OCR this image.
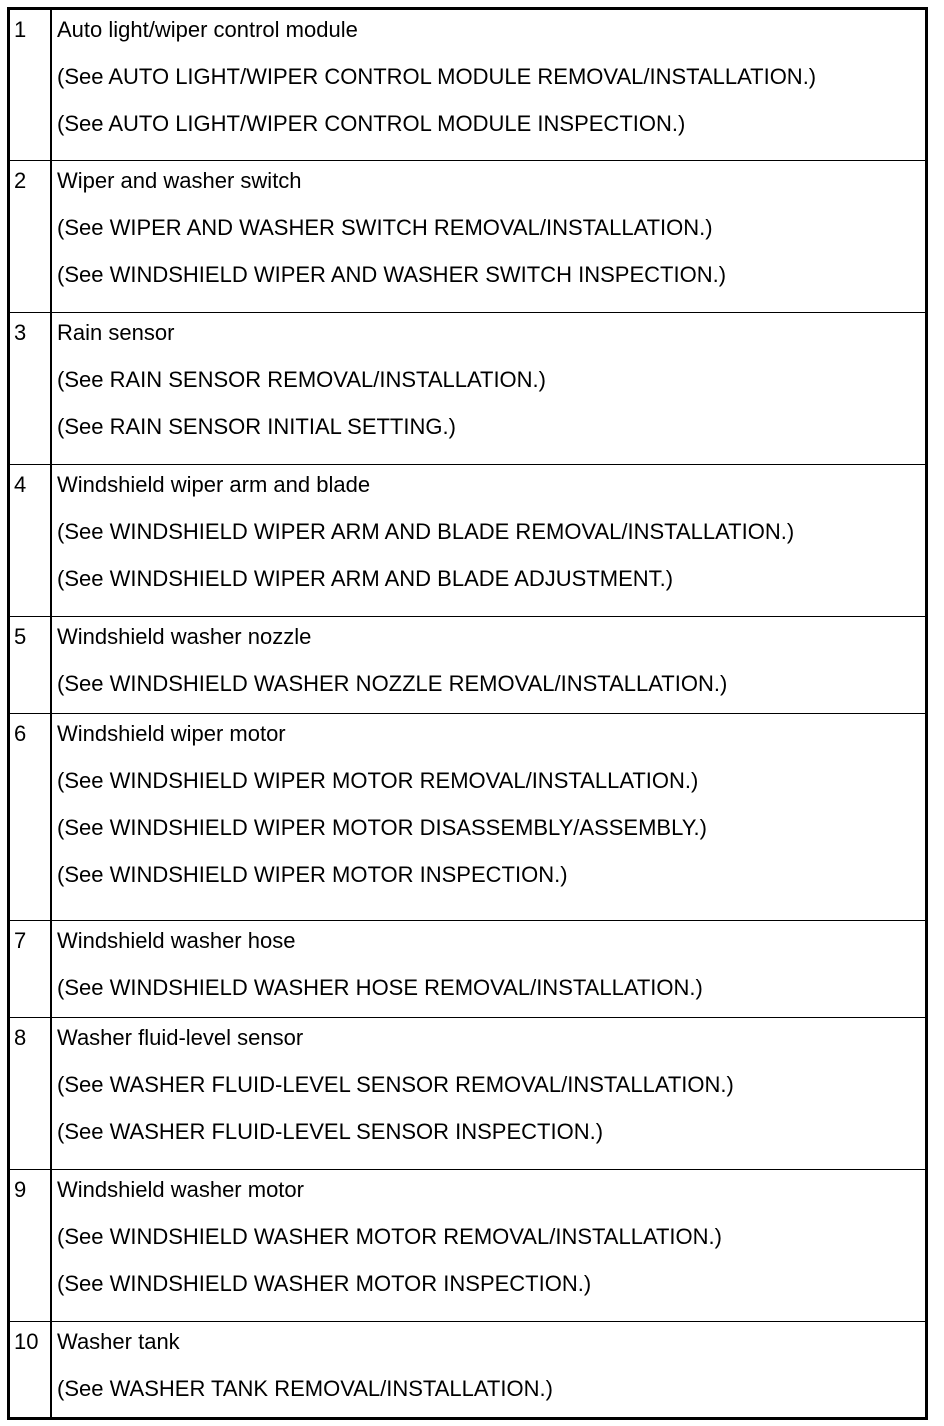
1	Auto light/wiper control module
(See AUTO LIGHT/WIPER CONTROL MODULE REMOVAL/INSTALLATION.)
(See AUTO LIGHT/WIPER CONTROL MODULE INSPECTION.)

2	Wiper and washer switch
(See WIPER AND WASHER SWITCH REMOVAL/INSTALLATION.)
(See WINDSHIELD WIPER AND WASHER SWITCH INSPECTION.)

3	Rain sensor
(See RAIN SENSOR REMOVAL/INSTALLATION.)
(See RAIN SENSOR INITIAL SETTING.)

4	Windshield wiper arm and blade
(See WINDSHIELD WIPER ARM AND BLADE REMOVAL/INSTALLATION.)
(See WINDSHIELD WIPER ARM AND BLADE ADJUSTMENT.)

5	Windshield washer nozzle
(See WINDSHIELD WASHER NOZZLE REMOVAL/INSTALLATION.)

6	Windshield wiper motor
(See WINDSHIELD WIPER MOTOR REMOVAL/INSTALLATION.)
(See WINDSHIELD WIPER MOTOR DISASSEMBLY/ASSEMBLY.)
(See WINDSHIELD WIPER MOTOR INSPECTION.)

7	Windshield washer hose
(See WINDSHIELD WASHER HOSE REMOVAL/INSTALLATION.)

8	Washer fluid-level sensor
(See WASHER FLUID-LEVEL SENSOR REMOVAL/INSTALLATION.)
(See WASHER FLUID-LEVEL SENSOR INSPECTION.)

9	Windshield washer motor
(See WINDSHIELD WASHER MOTOR REMOVAL/INSTALLATION.)
(See WINDSHIELD WASHER MOTOR INSPECTION.)

10	Washer tank
(See WASHER TANK REMOVAL/INSTALLATION.)
